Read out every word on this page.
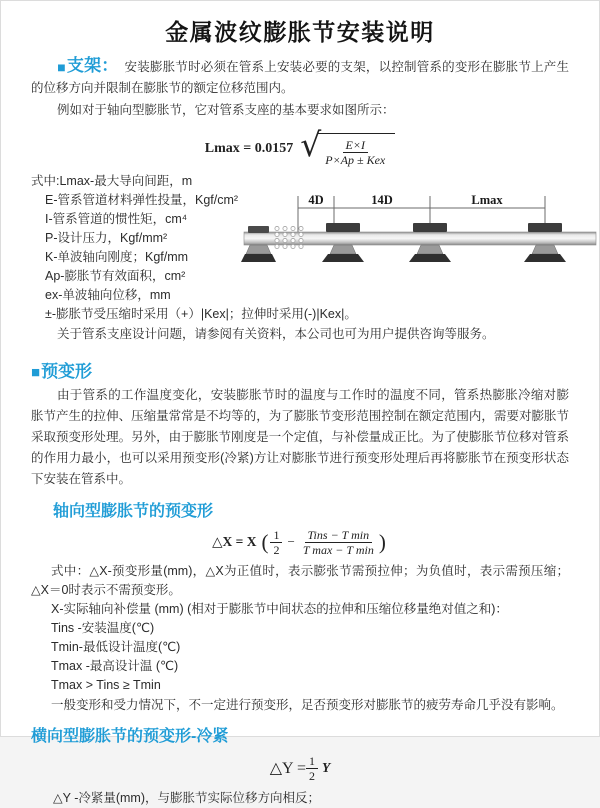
金属波纹膨胀节安装说明

■支架： 安装膨胀节时必须在管系上安装必要的支架，以控制管系的变形在膨胀节上产生的位移方向并限制在膨胀节的额定位移范围内。

例如对于轴向型膨胀节，它对管系支座的基本要求如图所示：

Lmax = 0.0157 √ $\frac{E\times I}{\text{P×Ap ± Kex}}$
式中:Lmax-最大导向间距，m
E-管系管道材料弹性投量，Kgf/cm²
I-管系管道的惯性矩，cm⁴
P-设计压力，Kgf/mm²
K-单波轴向刚度；Kgf/mm
Ap-膨胀节有效面积，cm²
ex-单波轴向位移，mm
±-膨胀节受压缩时采用（+）|Kex|；拉伸时采用(-)|Kex|。

关于管系支座设计问题，请参阅有关资料，本公司也可为用户提供咨询等服务。

■预变形

由于管系的工作温度变化，安装膨胀节时的温度与工作时的温度不同，管系热膨胀冷缩对膨胀节产生的拉伸、压缩量常常是不均等的，为了膨胀节变形范围控制在额定范围内，需要对膨胀节采取预变形处理。另外，由于膨胀节刚度是一个定值，与补偿量成正比。为了使膨胀节位移对管系的作用力最小，也可以采用预变形(冷紧)方让对膨胀节进行预变形处理后再将膨胀节在预变形状态下安装在管系中。

轴向型膨胀节的预变形
△X = X ( $\frac{1}{2} - \frac{\text{Tins − T min}}{\text{T max − T min}}$ )

式中：△X-预变形量(mm)，△X为正值时，表示膨张节需预拉伸；为负值时，表示需预压缩；△X＝0时表示不需预变形。

X-实际轴向补偿量 (mm) (相对于膨胀节中间状态的拉伸和压缩位移量绝对值之和)：
Tins -安装温度(℃)
Tmin-最低设计温度(℃)
Tmax -最高设计温 (℃)
Tmax > Tins ≥ Tmin

一般变形和受力情况下，不一定进行预变形，足否预变形对膨胀节的疲劳寿命几乎没有影响。

横向型膨胀节的预变形-冷紧
△Y = $\frac{1}{2}$ Y

△Y -冷紧量(mm)，与膨胀节实际位移方向相反；

4D	14D	Lmax
